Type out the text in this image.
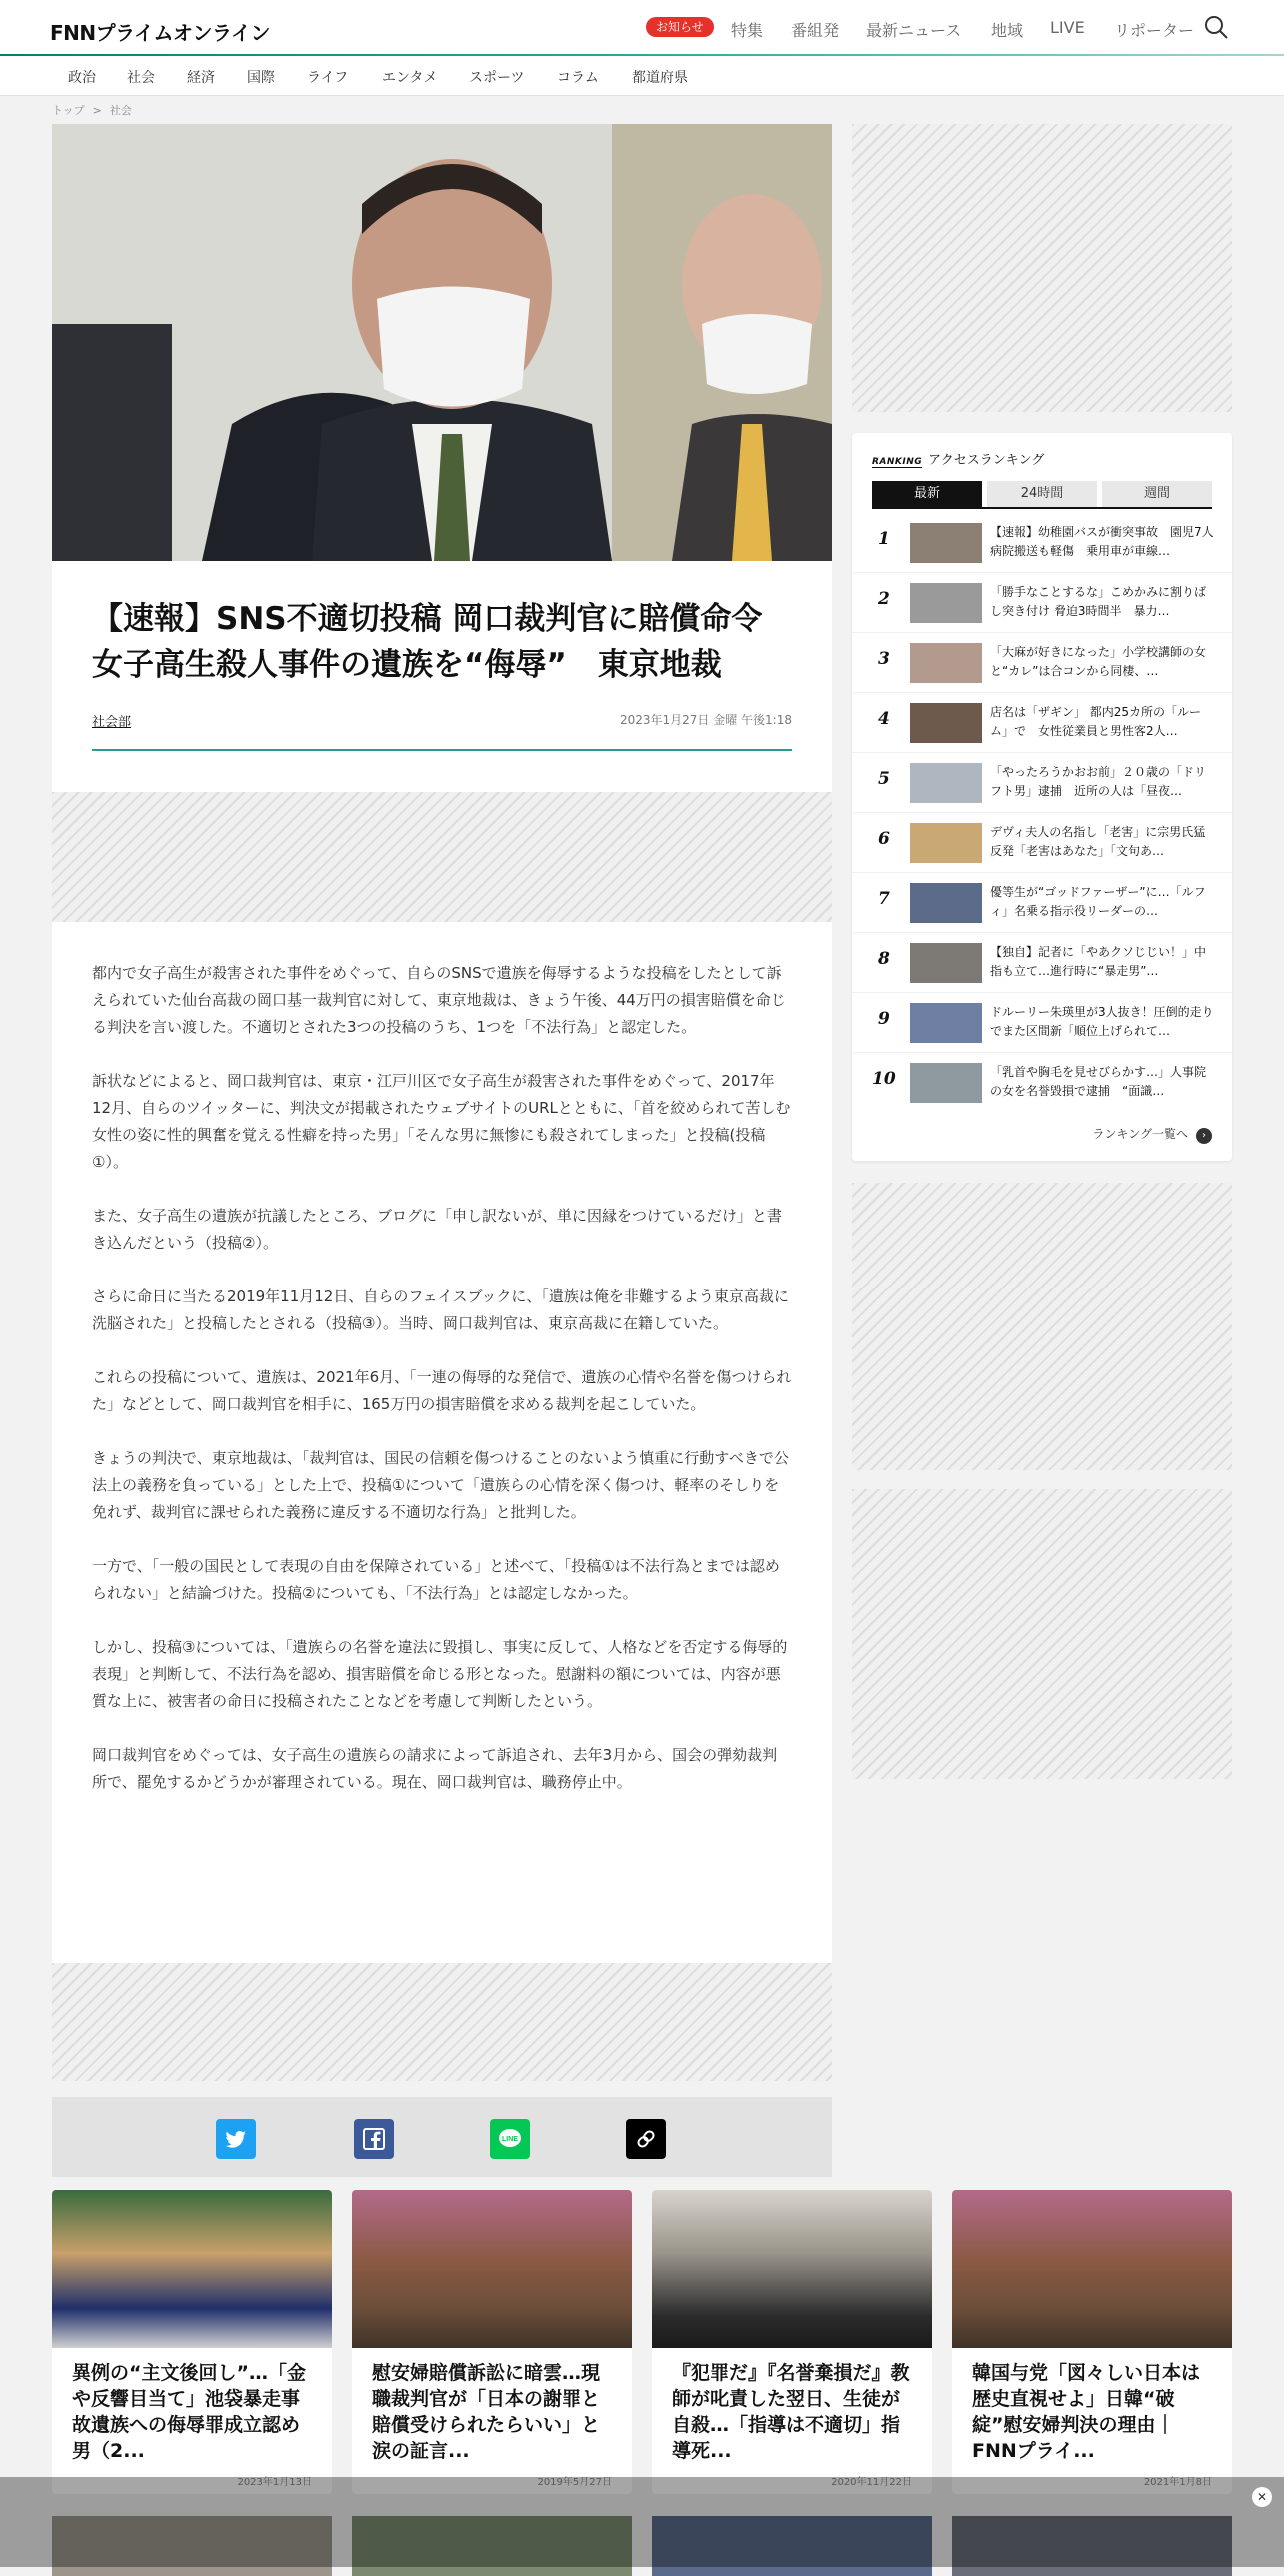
FNNプライムオンライン	お知らせ	特集 番組発 最新ニュース 地域 LIVE リポーター
政治 社会 経済 国際 ライフ エンタメ スポーツ コラム 都道府県
トップ > 社会
【速報】SNS不適切投稿 岡口裁判官に賠償命令 女子高生殺人事件の遺族を“侮辱”　東京地裁
社会部	2023年1月27日 金曜 午後1:18

都内で女子高生が殺害された事件をめぐって、自らのSNSで遺族を侮辱するような投稿をしたとして訴えられていた仙台高裁の岡口基一裁判官に対して、東京地裁は、きょう午後、44万円の損害賠償を命じる判決を言い渡した。不適切とされた3つの投稿のうち、1つを「不法行為」と認定した。

訴状などによると、岡口裁判官は、東京・江戸川区で女子高生が殺害された事件をめぐって、2017年12月、自らのツイッターに、判決文が掲載されたウェブサイトのURLとともに、「首を絞められて苦しむ女性の姿に性的興奮を覚える性癖を持った男」「そんな男に無惨にも殺されてしまった」と投稿(投稿①）。

また、女子高生の遺族が抗議したところ、ブログに「申し訳ないが、単に因縁をつけているだけ」と書き込んだという（投稿②）。

さらに命日に当たる2019年11月12日、自らのフェイスブックに、「遺族は俺を非難するよう東京高裁に洗脳された」と投稿したとされる（投稿③）。当時、岡口裁判官は、東京高裁に在籍していた。

これらの投稿について、遺族は、2021年6月、「一連の侮辱的な発信で、遺族の心情や名誉を傷つけられた」などとして、岡口裁判官を相手に、165万円の損害賠償を求める裁判を起こしていた。

きょうの判決で、東京地裁は、「裁判官は、国民の信頼を傷つけることのないよう慎重に行動すべきで公法上の義務を負っている」とした上で、投稿①について「遺族らの心情を深く傷つけ、軽率のそしりを免れず、裁判官に課せられた義務に違反する不適切な行為」と批判した。

一方で、「一般の国民として表現の自由を保障されている」と述べて、「投稿①は不法行為とまでは認められない」と結論づけた。投稿②についても、「不法行為」とは認定しなかった。

しかし、投稿③については、「遺族らの名誉を違法に毀損し、事実に反して、人格などを否定する侮辱的表現」と判断して、不法行為を認め、損害賠償を命じる形となった。慰謝料の額については、内容が悪質な上に、被害者の命日に投稿されたことなどを考慮して判断したという。

岡口裁判官をめぐっては、女子高生の遺族らの請求によって訴追され、去年3月から、国会の弾劾裁判所で、罷免するかどうかが審理されている。現在、岡口裁判官は、職務停止中。

LINE
RANKING アクセスランキング
最新	24時間	週間
1	【速報】幼稚園バスが衝突事故　園児7人病院搬送も軽傷　乗用車が車線…
2	「勝手なことするな」こめかみに割りばし突き付け 脅迫3時間半　暴力…
3	「大麻が好きになった」小学校講師の女と“カレ”は合コンから同棲、…
4	店名は「ザギン」 都内25カ所の「ルーム」で　女性従業員と男性客2人…
5	「やったろうかおお前」２０歳の「ドリフト男」逮捕　近所の人は「昼夜…
6	デヴィ夫人の名指し「老害」に宗男氏猛反発「老害はあなた」「文句あ…
7	優等生が“ゴッドファーザー”に…「ルフィ」名乗る指示役リーダーの…
8	【独自】記者に「やあクソじじい！」中指も立て…進行時に“暴走男”…
9	ドルーリー朱瑛里が3人抜き！圧倒的走りでまた区間新「順位上げられて…
10	「乳首や胸毛を見せびらかす…」人事院の女を名誉毀損で逮捕　“面識…
ランキング一覧へ ›
異例の“主文後回し”…「金や反響目当て」池袋暴走事故遺族への侮辱罪成立認め男（2...
2023年1月13日
慰安婦賠償訴訟に暗雲…現職裁判官が「日本の謝罪と賠償受けられたらいい」と涙の証言...
2019年5月27日
『犯罪だ』『名誉棄損だ』教師が叱責した翌日、生徒が自殺…「指導は不適切」指導死...
2020年11月22日
韓国与党「図々しい日本は歴史直視せよ」日韓“破綻”慰安婦判決の理由｜FNNプライ...
2021年1月8日
✕
